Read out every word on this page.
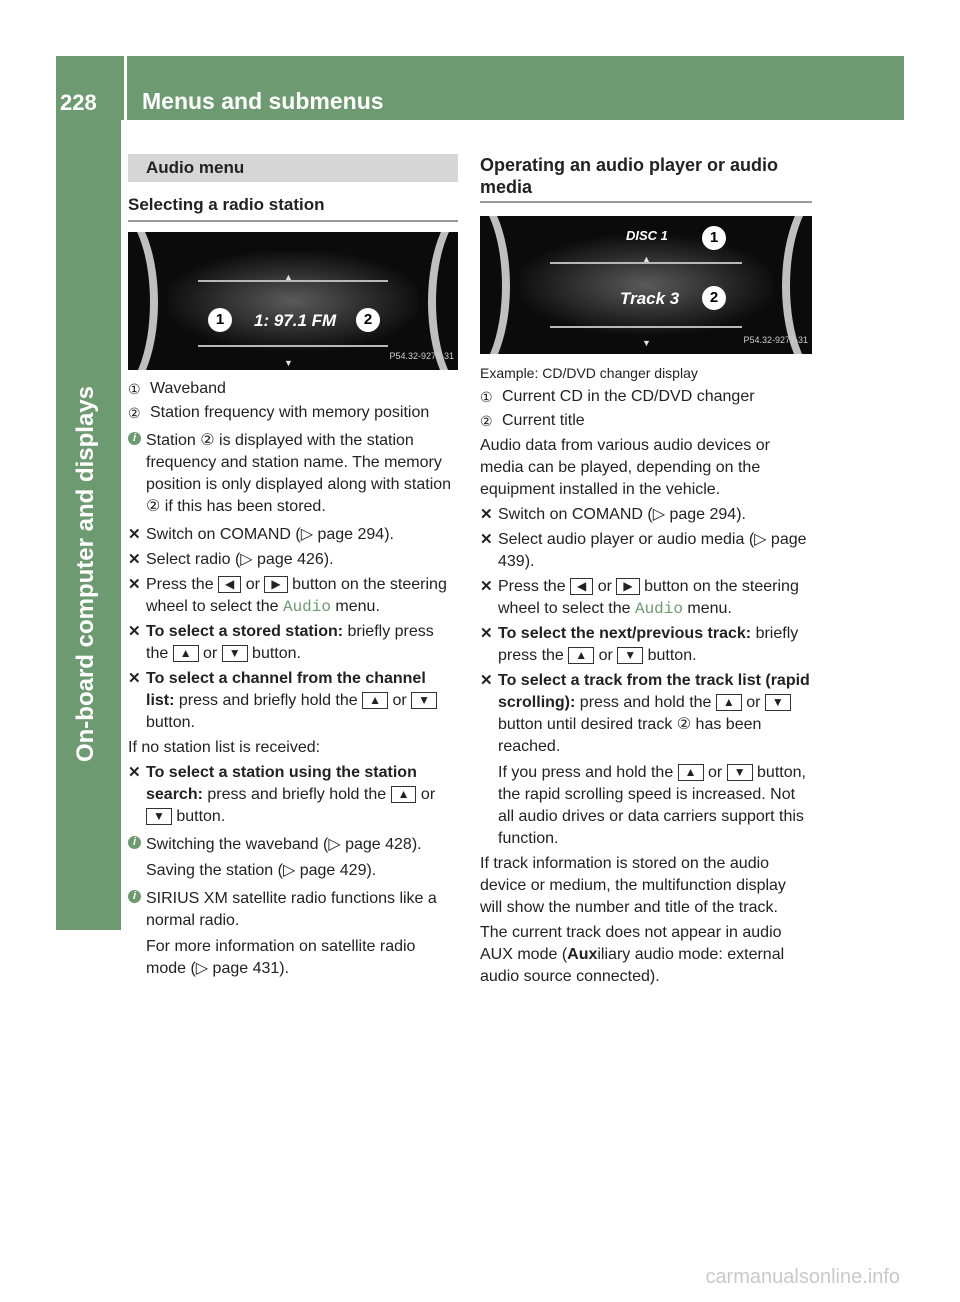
228 Menus and submenus
On-board computer and displays
Audio menu
Selecting a radio station
▲
▼
1	1: 97.1 FM	2
P54.32-9276-31
① Waveband
② Station frequency with memory position
i Station ② is displayed with the station frequency and station name. The memory position is only displayed along with station ② if this has been stored.
✕ Switch on COMAND (▷ page 294).
✕ Select radio (▷ page 426).
✕ Press the ◀ or ▶ button on the steering wheel to select the Audio menu.
✕ To select a stored station: briefly press the ▲ or ▼ button.
✕ To select a channel from the channel list: press and briefly hold the ▲ or ▼ button.
If no station list is received:
✕ To select a station using the station search: press and briefly hold the ▲ or ▼ button.
i Switching the waveband (▷ page 428).
Saving the station (▷ page 429).
i SIRIUS XM satellite radio functions like a normal radio.
For more information on satellite radio mode (▷ page 431).
Operating an audio player or audio media
DISC 1	1
▲
Track 3	2
▼	P54.32-9277-31
Example: CD/DVD changer display
① Current CD in the CD/DVD changer
② Current title
Audio data from various audio devices or media can be played, depending on the equipment installed in the vehicle.
✕ Switch on COMAND (▷ page 294).
✕ Select audio player or audio media (▷ page 439).
✕ Press the ◀ or ▶ button on the steering wheel to select the Audio menu.
✕ To select the next/previous track: briefly press the ▲ or ▼ button.
✕ To select a track from the track list (rapid scrolling): press and hold the ▲ or ▼ button until desired track ② has been reached.
If you press and hold the ▲ or ▼ button, the rapid scrolling speed is increased. Not all audio drives or data carriers support this function.
If track information is stored on the audio device or medium, the multifunction display will show the number and title of the track.
The current track does not appear in audio AUX mode (Auxiliary audio mode: external audio source connected).
carmanualsonline.info
